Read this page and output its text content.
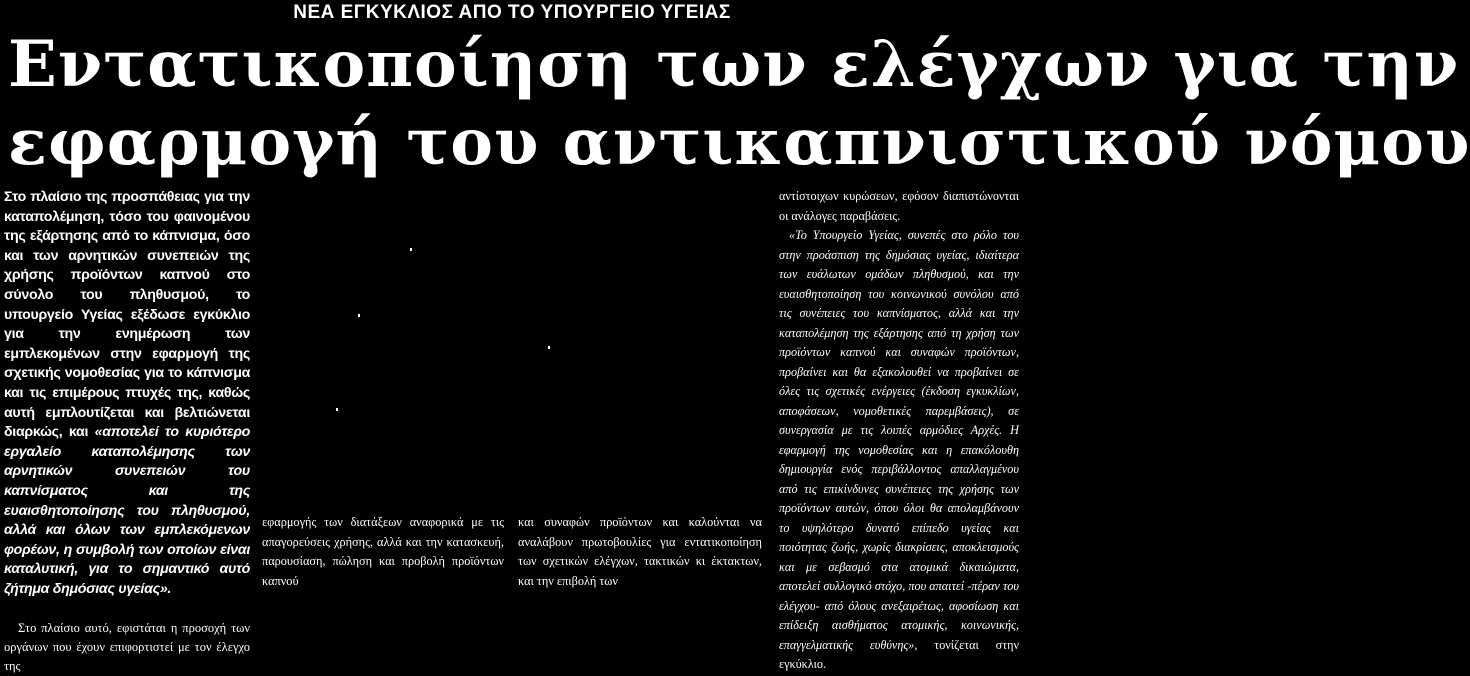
ΝΕΑ ΕΓΚΥΚΛΙΟΣ ΑΠΟ ΤΟ ΥΠΟΥΡΓΕΙΟ ΥΓΕΙΑΣ
Εντατικοποίηση των ελέγχων για την
εφαρμογή του αντικαπνιστικού νόμου

Στο πλαίσιο της προσπάθειας για την καταπολέμηση, τόσο του φαινομένου της εξάρτησης από το κάπνισμα, όσο και των αρνητικών συνεπειών της χρήσης προϊόντων καπνού στο σύνολο του πληθυσμού, το υπουργείο Υγείας εξέδωσε εγκύκλιο για την ενημέρωση των εμπλεκομένων στην εφαρμογή της σχετικής νομοθεσίας για το κάπνισμα και τις επιμέρους πτυχές της, καθώς αυτή εμπλουτίζεται και βελτιώνεται διαρκώς, και «αποτελεί το κυριότερο εργαλείο καταπολέμησης των αρνητικών συνεπειών του καπνίσματος και της ευαισθητοποίησης του πληθυσμού, αλλά και όλων των εμπλεκόμενων φορέων, η συμβολή των οποίων είναι καταλυτική, για το σημαντικό αυτό ζήτημα δημόσιας υγείας».

Στο πλαίσιο αυτό, εφιστάται η προσοχή των οργάνων που έχουν επιφορτιστεί με τον έλεγχο της

εφαρμογής των διατάξεων αναφορικά με τις απαγορεύσεις χρήσης, αλλά και την κατασκευή, παρουσίαση, πώληση και προβολή προϊόντων καπνού

και συναφών προϊόντων και καλούνται να αναλάβουν πρωτοβουλίες για εντατικοποίηση των σχετικών ελέγχων, τακτικών κι έκτακτων, και την επιβολή των

αντίστοιχων κυρώσεων, εφόσον διαπιστώνονται οι ανάλογες παραβάσεις.

«Το Υπουργείο Υγείας, συνεπές στο ρόλο του στην προάσπιση της δημόσιας υγείας, ιδιαίτερα των ευάλωτων ομάδων πληθυσμού, και την ευαισθητοποίηση του κοινωνικού συνόλου από τις συνέπειες του καπνίσματος, αλλά και την καταπολέμηση της εξάρτησης από τη χρήση των προϊόντων καπνού και συναφών προϊόντων, προβαίνει και θα εξακολουθεί να προβαίνει σε όλες τις σχετικές ενέργειες (έκδοση εγκυκλίων, αποφάσεων, νομοθετικές παρεμβάσεις), σε συνεργασία με τις λοιπές αρμόδιες Αρχές. Η εφαρμογή της νομοθεσίας και η επακόλουθη δημιουργία ενός περιβάλλοντος απαλλαγμένου από τις επικίνδυνες συνέπειες της χρήσης των προϊόντων αυτών, όπου όλοι θα απολαμβάνουν το υψηλότερο δυνατό επίπεδο υγείας και ποιότητας ζωής, χωρίς διακρίσεις, αποκλεισμούς και με σεβασμό στα ατομικά δικαιώματα, αποτελεί συλλογικό στόχο, που απαιτεί -πέραν του ελέγχου- από όλους ανεξαιρέτως, αφοσίωση και επίδειξη αισθήματος ατομικής, κοινωνικής, επαγγελματικής ευθύνης», τονίζεται στην εγκύκλιο.
